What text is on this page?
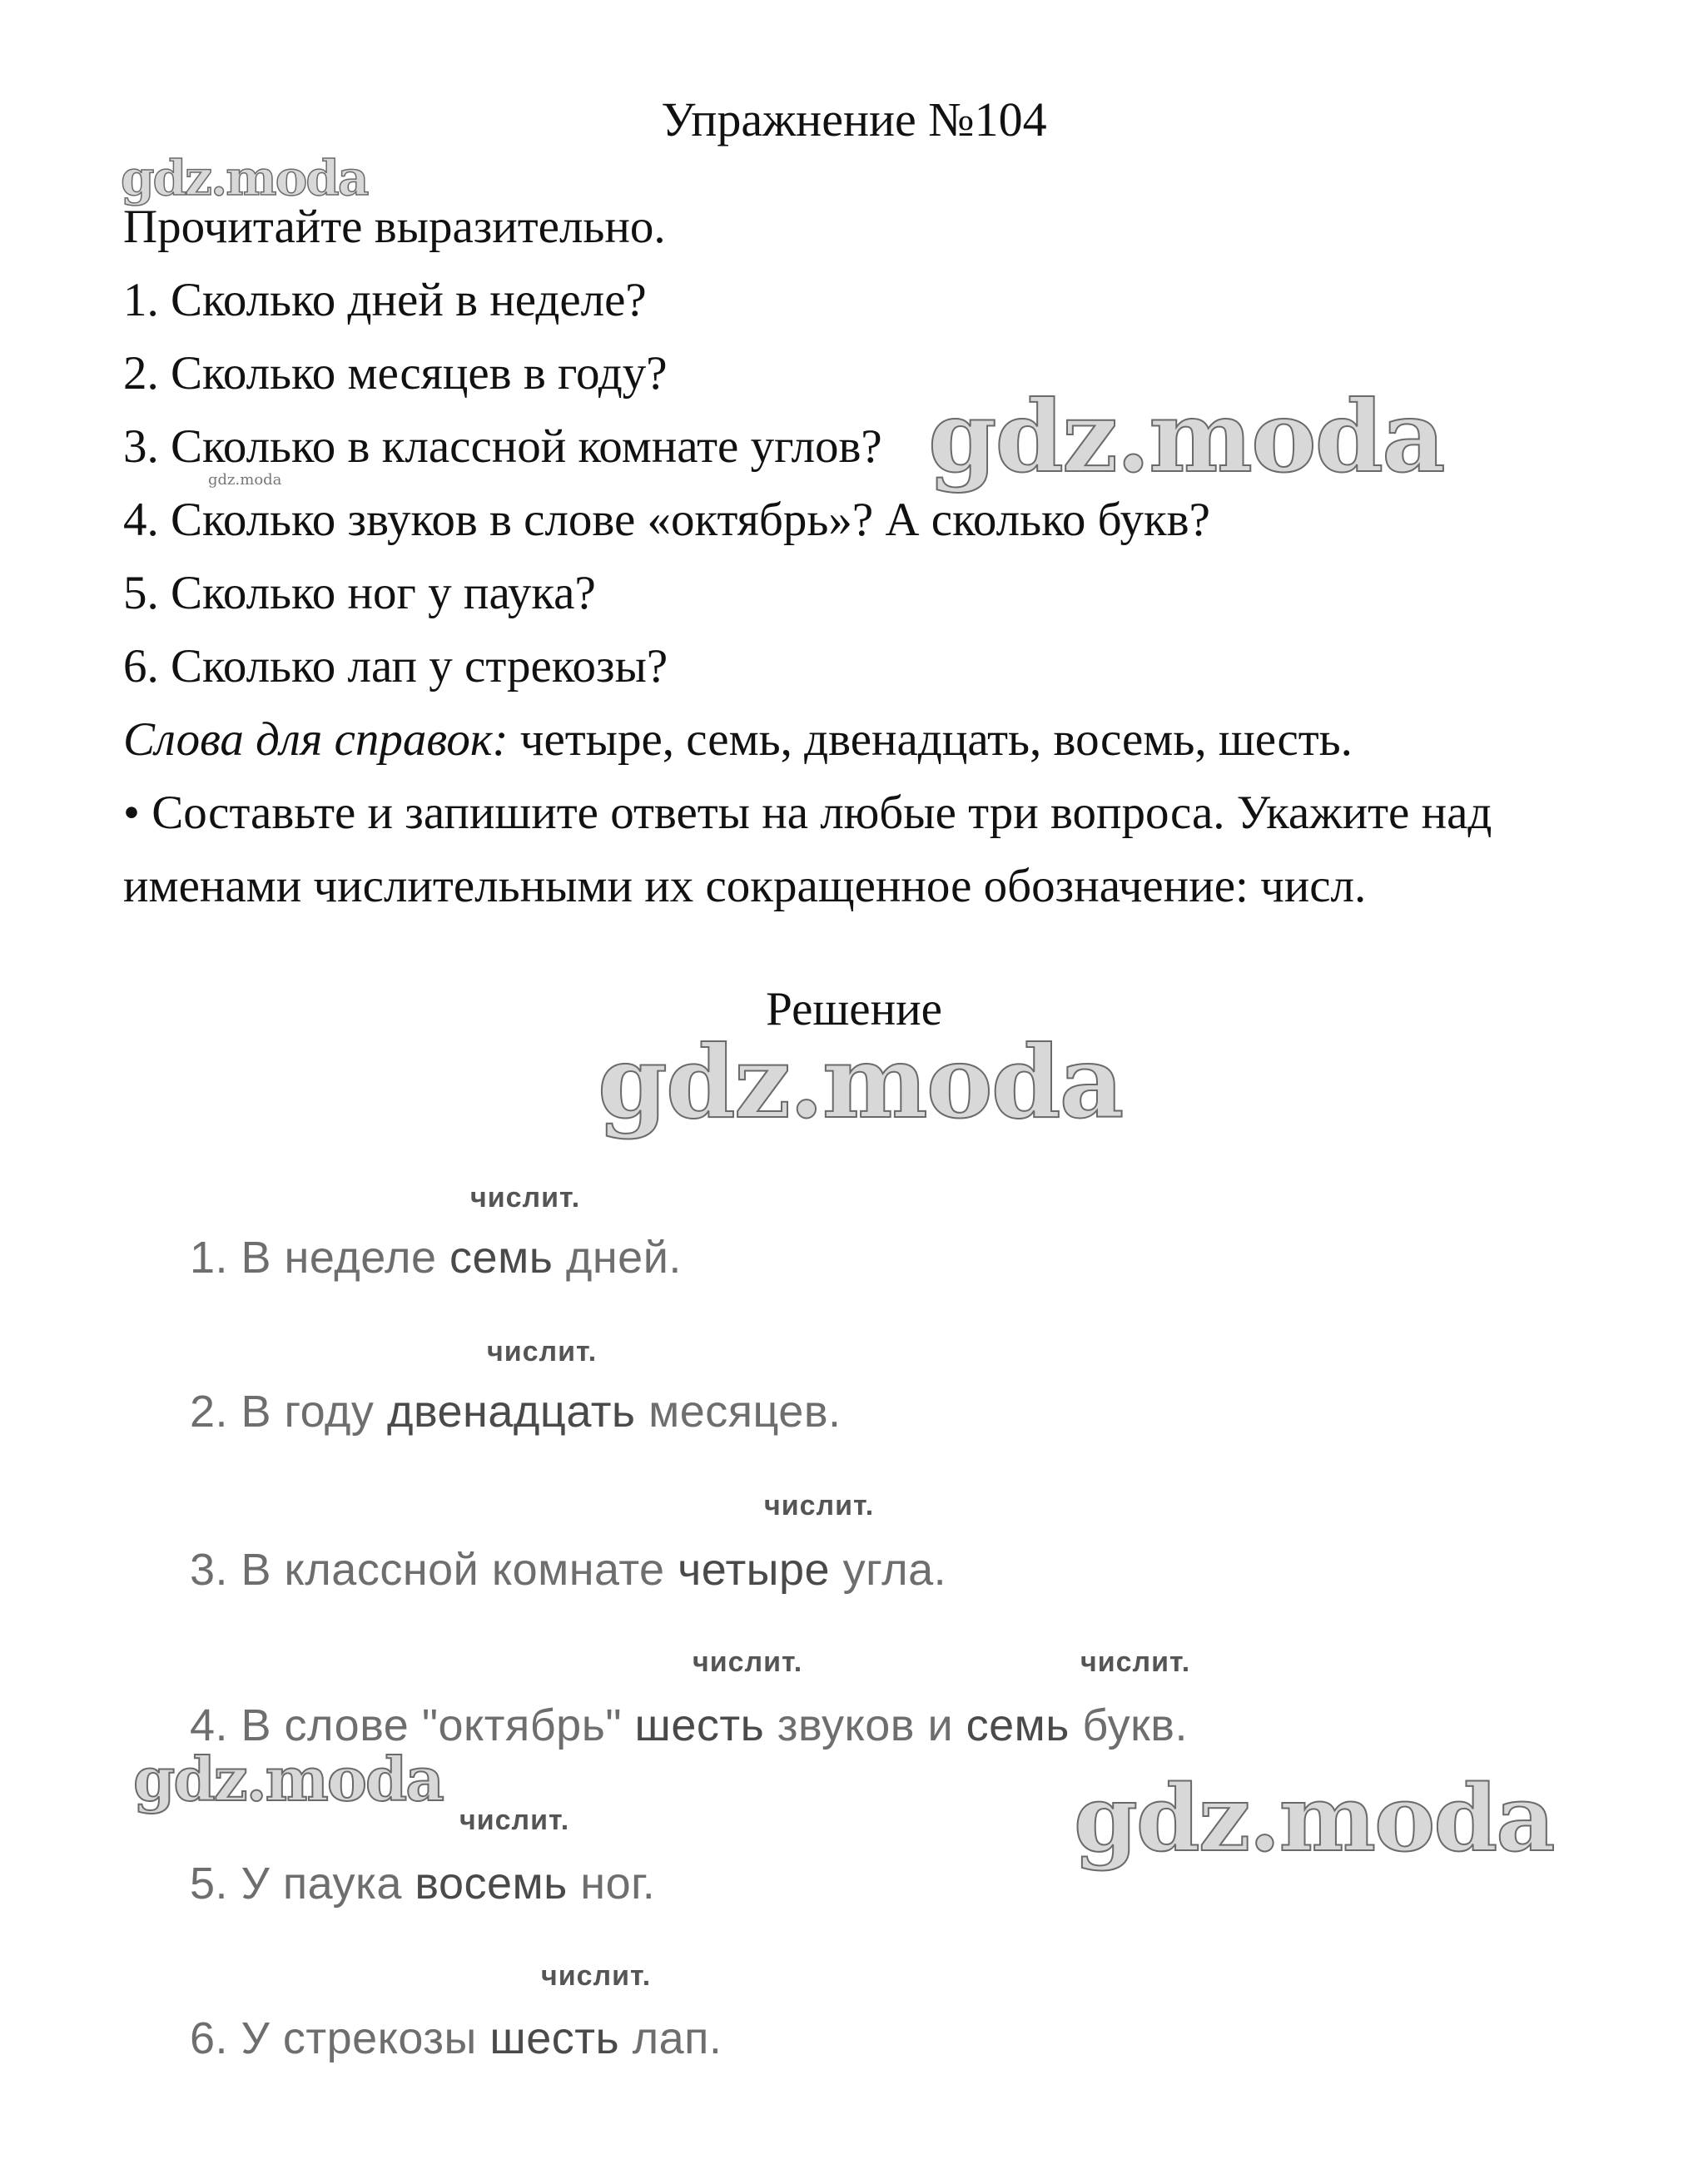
Упражнение №104
gdz.moda
Прочитайте выразительно.
1. Сколько дней в неделе?
2. Сколько месяцев в году?
3. Сколько в классной комнате углов?
gdz.moda
4. Сколько звуков в слове «октябрь»? А сколько букв?
5. Сколько ног у паука?
6. Сколько лап у стрекозы?
Слова для справок: четыре, семь, двенадцать, восемь, шесть.
• Составьте и запишите ответы на любые три вопроса. Укажите над
именами числительными их сокращенное обозначение: числ.
gdz.moda
Решение
gdz.moda
числит.
1. В неделе семь дней.
числит.
2. В году двенадцать месяцев.
числит.
3. В классной комнате четыре угла.
числит.	числит.
4. В слове "октябрь" шесть звуков и семь букв.
gdz.moda	gdz.moda
числит.
5. У паука восемь ног.
числит.
6. У стрекозы шесть лап.
